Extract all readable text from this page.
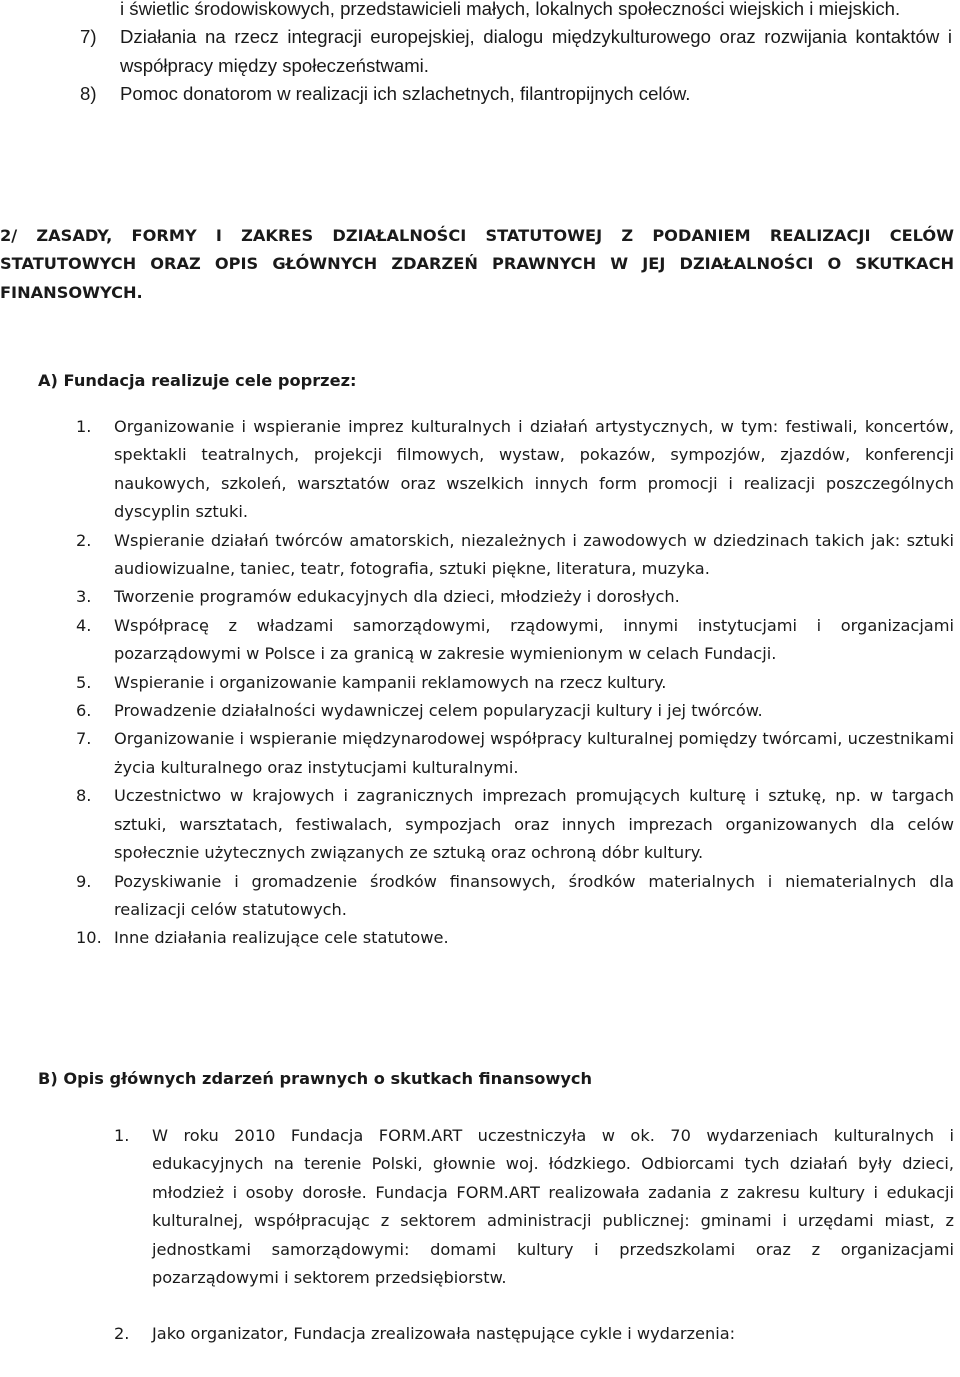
i świetlic środowiskowych, przedstawicieli małych, lokalnych społeczności wiejskich i miejskich.
7) Działania na rzecz integracji europejskiej, dialogu międzykulturowego oraz rozwijania kontaktów i współpracy między społeczeństwami.
8) Pomoc donatorom w realizacji ich szlachetnych, filantropijnych celów.
2/ ZASADY, FORMY I ZAKRES DZIAŁALNOŚCI STATUTOWEJ Z PODANIEM REALIZACJI CELÓW STATUTOWYCH ORAZ OPIS GŁÓWNYCH ZDARZEŃ PRAWNYCH W JEJ DZIAŁALNOŚCI O SKUTKACH FINANSOWYCH.
A) Fundacja realizuje cele poprzez:
1. Organizowanie i wspieranie imprez kulturalnych i działań artystycznych, w tym: festiwali, koncertów, spektakli teatralnych, projekcji filmowych, wystaw, pokazów, sympozjów, zjazdów, konferencji naukowych, szkoleń, warsztatów oraz wszelkich innych form promocji i realizacji poszczególnych dyscyplin sztuki.
2. Wspieranie działań twórców amatorskich, niezależnych i zawodowych w dziedzinach takich jak: sztuki audiowizualne, taniec, teatr, fotografia, sztuki piękne, literatura, muzyka.
3. Tworzenie programów edukacyjnych dla dzieci, młodzieży i dorosłych.
4. Współpracę z władzami samorządowymi, rządowymi, innymi instytucjami i organizacjami pozarządowymi w Polsce i za granicą w zakresie wymienionym w celach Fundacji.
5. Wspieranie i organizowanie kampanii reklamowych na rzecz kultury.
6. Prowadzenie działalności wydawniczej celem popularyzacji kultury i jej twórców.
7. Organizowanie i wspieranie międzynarodowej współpracy kulturalnej pomiędzy twórcami, uczestnikami życia kulturalnego oraz instytucjami kulturalnymi.
8. Uczestnictwo w krajowych i zagranicznych imprezach promujących kulturę i sztukę, np. w targach sztuki, warsztatach, festiwalach, sympozjach oraz innych imprezach organizowanych dla celów społecznie użytecznych związanych ze sztuką oraz ochroną dóbr kultury.
9. Pozyskiwanie i gromadzenie środków finansowych, środków materialnych i niematerialnych dla realizacji celów statutowych.
10. Inne działania realizujące cele statutowe.
B) Opis głównych zdarzeń prawnych o skutkach finansowych
1. W roku 2010 Fundacja FORM.ART uczestniczyła w ok. 70 wydarzeniach kulturalnych i edukacyjnych na terenie Polski, głownie woj. łódzkiego. Odbiorcami tych działań były dzieci, młodzież i osoby dorosłe. Fundacja FORM.ART realizowała zadania z zakresu kultury i edukacji kulturalnej, współpracując z sektorem administracji publicznej: gminami i urzędami miast, z jednostkami samorządowymi: domami kultury i przedszkolami oraz z organizacjami pozarządowymi i sektorem przedsiębiorstw.
2. Jako organizator, Fundacja zrealizowała następujące cykle i wydarzenia:
